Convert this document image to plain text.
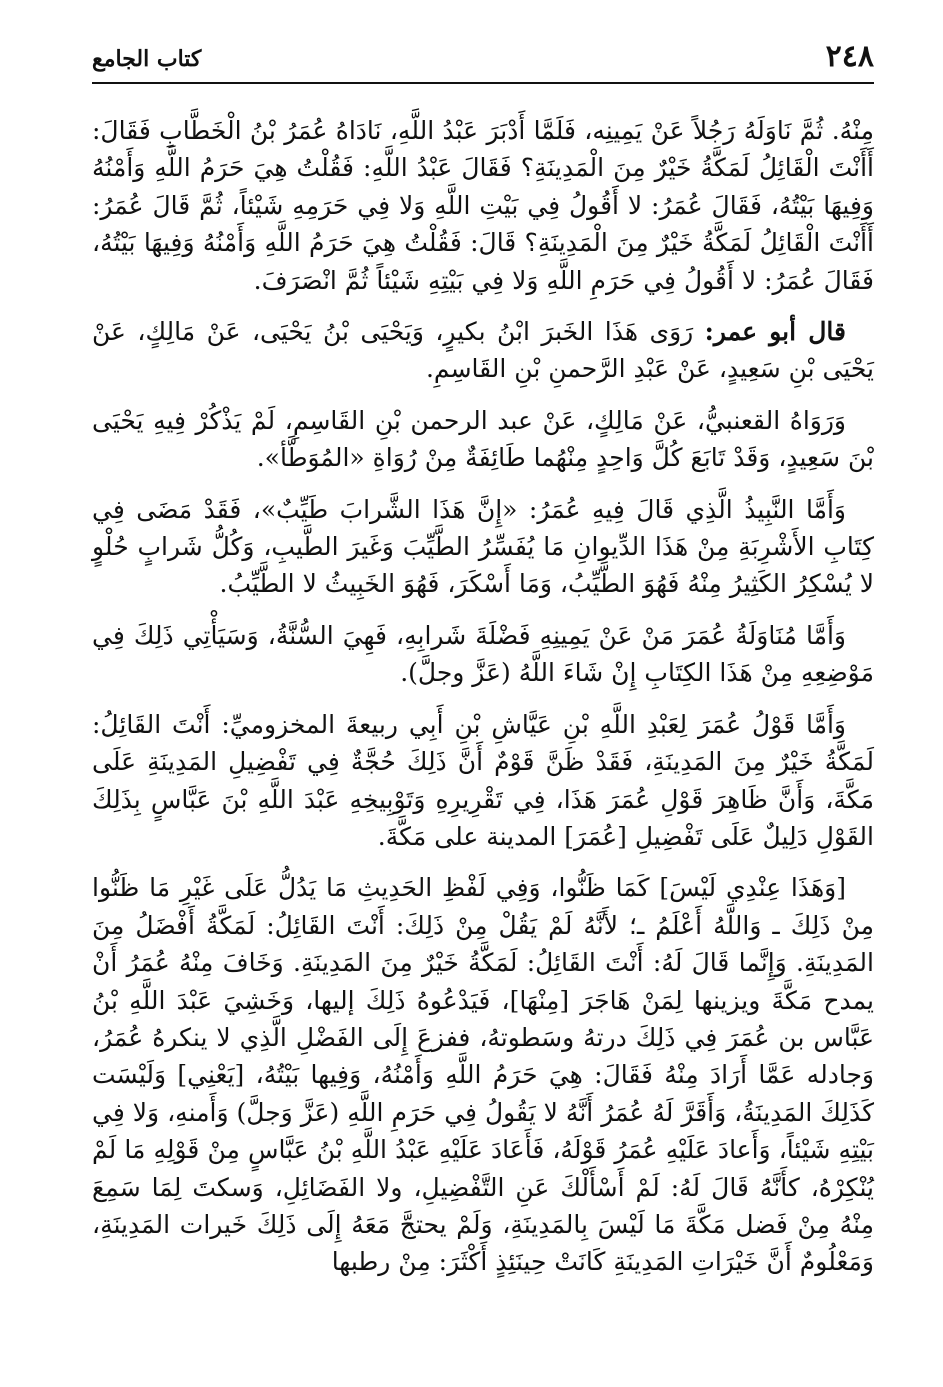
٢٤٨
كتاب الجامع

مِنْهُ. ثُمَّ نَاوَلَهُ رَجُلاً عَنْ يَمِينِه، فَلَمَّا أَدْبَرَ عَبْدُ اللَّهِ، نَادَاهُ عُمَرُ بْنُ الْخَطَّابِ فَقَالَ: أَأَنْتَ الْقَائِلُ لَمَكَّةُ خَيْرٌ مِنَ الْمَدِينَةِ؟ فَقَالَ عَبْدُ اللَّهِ: فَقُلْتُ هِيَ حَرَمُ اللَّهِ وَأَمْنُهُ وَفِيهَا بَيْتُهُ، فَقَالَ عُمَرُ: لا أَقُولُ فِي بَيْتِ اللَّهِ وَلا فِي حَرَمِهِ شَيْئاً، ثُمَّ قَالَ عُمَرُ: أَأَنْتَ الْقَائِلُ لَمَكَّةُ خَيْرٌ مِنَ الْمَدِينَةِ؟ قَالَ: فَقُلْتُ هِيَ حَرَمُ اللَّهِ وَأَمْنُهُ وَفِيهَا بَيْتُهُ، فَقَالَ عُمَرُ: لا أَقُولُ فِي حَرَمِ اللَّهِ وَلا فِي بَيْتِهِ شَيْئاً ثُمَّ انْصَرَفَ.

قال أبو عمر: رَوَى هَذَا الخَبرَ ابْنُ بكيرٍ، وَيَحْيَى بْنُ يَحْيَى، عَنْ مَالِكٍ، عَنْ يَحْيَى بْنِ سَعِيدٍ، عَنْ عَبْدِ الرَّحمنِ بْنِ القَاسِمِ.

وَرَوَاهُ القعنبيُّ، عَنْ مَالِكٍ، عَنْ عبد الرحمن بْنِ القَاسِمِ، لَمْ يَذْكُرْ فِيهِ يَحْيَى بْنَ سَعِيدٍ، وَقَدْ تَابَعَ كُلَّ وَاحِدٍ مِنْهُما طَائِفَةٌ مِنْ رُوَاةِ «المُوَطَّأ».

وَأَمَّا النَّبِيذُ الَّذِي قَالَ فِيهِ عُمَرُ: «إِنَّ هَذَا الشَّرابَ طَيِّبٌ»، فَقَدْ مَضَى فِي كِتَابِ الأَشْرِبَةِ مِنْ هَذَا الدِّيوانِ مَا يُفَسِّرُ الطَّيِّبَ وَغَيرَ الطَّيبِ، وَكُلُّ شَرابٍ حُلْوٍ لا يُسْكِرُ الكَثِيرُ مِنْهُ فَهُوَ الطَّيِّبُ، وَمَا أَسْكَرَ، فَهُوَ الخَبِيثُ لا الطَّيِّبُ.

وَأَمَّا مُنَاوَلَةُ عُمَرَ مَنْ عَنْ يَمِينِهِ فَضْلَةَ شَرابِهِ، فَهِيَ السُّنَّةُ، وَسَيَأْتِي ذَلِكَ فِي مَوْضِعِهِ مِنْ هَذَا الكِتَابِ إِنْ شَاءَ اللَّهُ (عَزَّ وجلَّ).

وَأَمَّا قَوْلُ عُمَرَ لِعَبْدِ اللَّهِ بْنِ عَيَّاشِ بْنِ أَبِي ربيعةَ المخزوميِّ: أَنْتَ القَائِلُ: لَمَكَّةُ خَيْرٌ مِنَ المَدِينَةِ، فَقَدْ ظَنَّ قَوْمٌ أَنَّ ذَلِكَ حُجَّةٌ فِي تَفْضِيلِ المَدِينَةِ عَلَى مَكَّةَ، وَأَنَّ ظَاهِرَ قَوْلِ عُمَرَ هَذَا، فِي تَقْرِيرِهِ وَتَوْبِيخِهِ عَبْدَ اللَّهِ بْنَ عَبَّاسٍ بِذَلِكَ القَوْلِ دَلِيلٌ عَلَى تَفْضِيلِ [عُمَرَ] المدينة على مَكَّةَ.

[وَهَذَا عِنْدِي لَيْسَ] كَمَا ظَنُّوا، وَفِي لَفْظِ الحَدِيثِ مَا يَدُلُّ عَلَى غَيْرِ مَا ظَنُّوا مِنْ ذَلِكَ ـ وَاللَّهُ أَعْلَمُ ـ؛ لأَنَّهُ لَمْ يَقُلْ مِنْ ذَلِكَ: أَنْتَ القَائِلُ: لَمَكَّةُ أَفْضَلُ مِنَ المَدِينَةِ. وَإِنَّما قَالَ لَهُ: أَنْتَ القَائِلُ: لَمَكَّةُ خَيْرٌ مِنَ المَدِينَةِ. وَخَافَ مِنْهُ عُمَرُ أَنْ يمدح مَكَّةَ ويزينها لِمَنْ هَاجَرَ [مِنْهَا]، فَيَدْعُوهُ ذَلِكَ إليها، وَخَشِيَ عَبْدَ اللَّهِ بْنُ عَبَّاس بن عُمَرَ فِي ذَلِكَ درتهُ وسَطوتهُ، ففزعَ إِلَى الفَضْلِ الَّذِي لا ينكرهُ عُمَرُ، وَجادله عَمَّا أَرَادَ مِنْهُ فَقَالَ: هِيَ حَرَمُ اللَّهِ وَأَمْنُهُ، وَفِيها بَيْتُهُ، [يَعْنِي] وَلَيْسَت كَذَلِكَ المَدِينَةُ، وَأَقَرَّ لَهُ عُمَرُ أَنَّهُ لا يَقُولُ فِي حَرَمِ اللَّهِ (عَزَّ وَجلَّ) وَأَمنهِ، وَلا فِي بَيْتِهِ شَيْئاً، وَأَعادَ عَلَيْهِ عُمَرُ قَوْلَهُ، فَأَعَادَ عَلَيْهِ عَبْدُ اللَّهِ بْنُ عَبَّاسٍ مِنْ قَوْلِهِ مَا لَمْ يُنْكِرْهُ، كأَنَّهُ قَالَ لَهُ: لَمْ أَسْأَلْكَ عَنِ التَّفْضِيلِ، ولا الفَضَائِلِ، وَسكتَ لِمَا سَمِعَ مِنْهُ مِنْ فَضل مَكَّةَ مَا لَيْسَ بِالمَدِينَةِ، وَلَمْ يحتجَّ مَعَهُ إِلَى ذَلِكَ خَيرات المَدِينَةِ، وَمَعْلُومٌ أَنَّ خَيْرَاتِ المَدِينَةِ كَانَتْ حِينَئِذٍ أَكْثَرَ: مِنْ رطبها
